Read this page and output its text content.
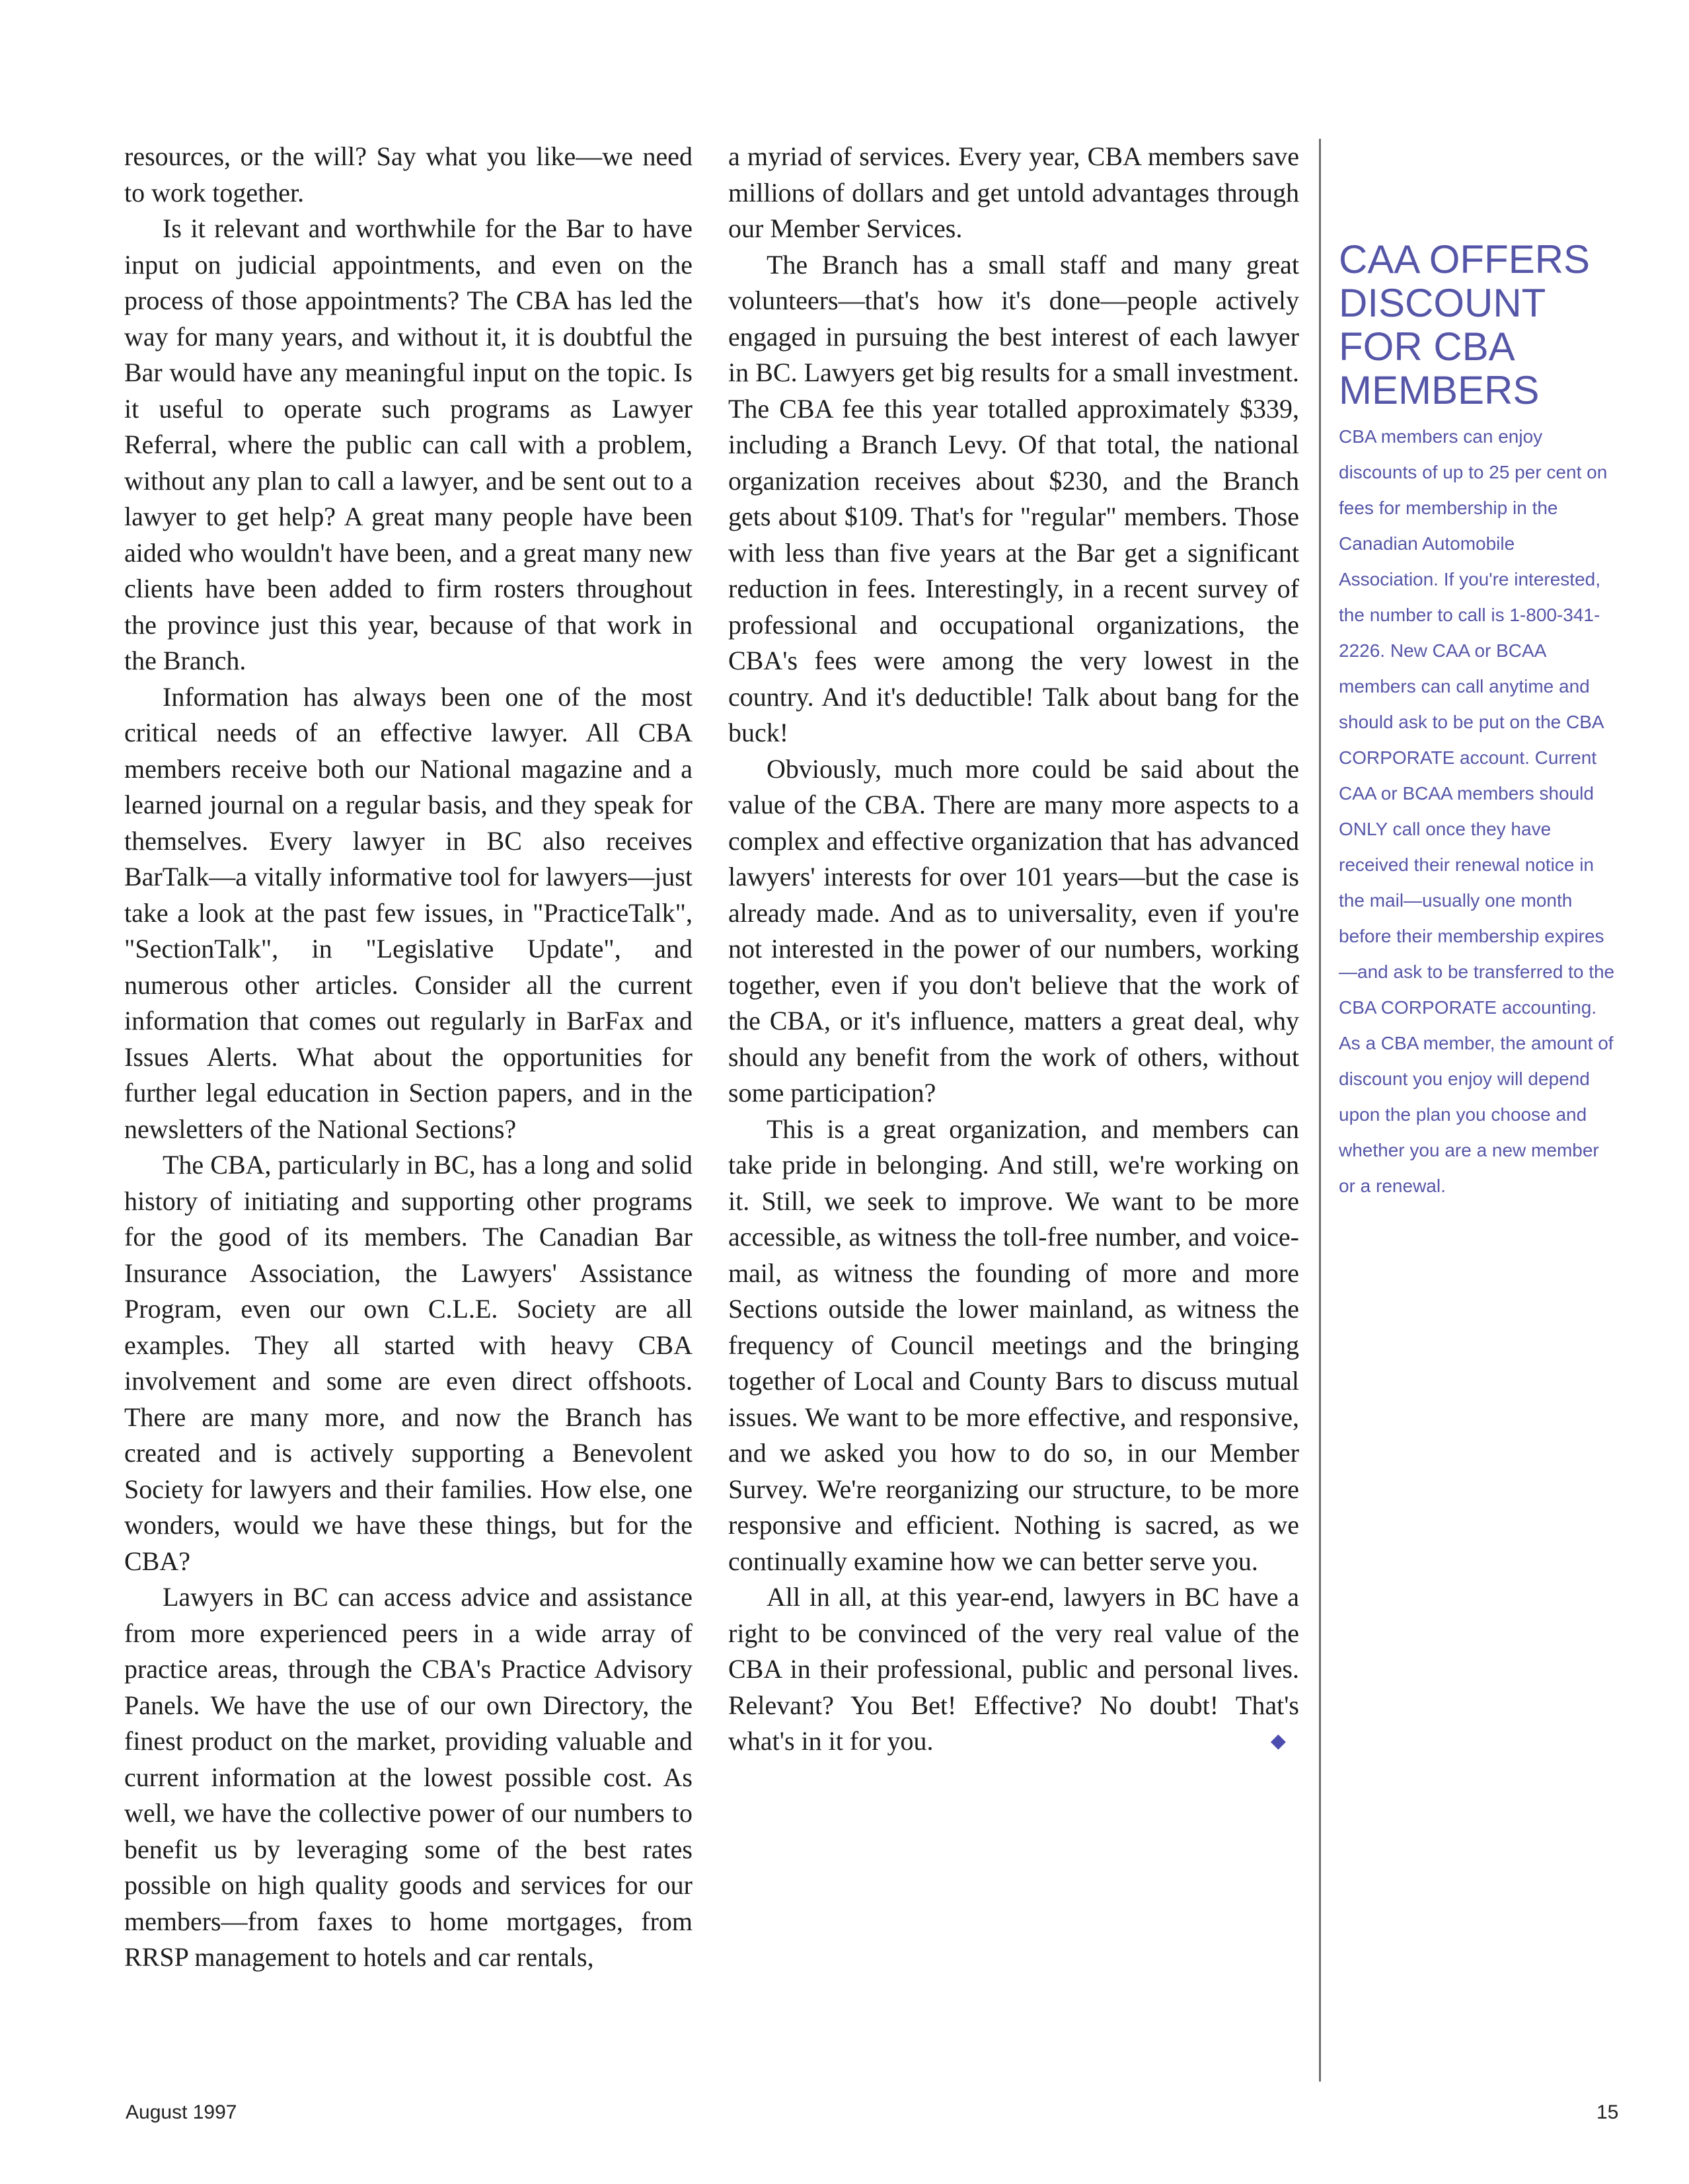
resources, or the will? Say what you like—we need to work together.

Is it relevant and worthwhile for the Bar to have input on judicial appointments, and even on the process of those appointments? The CBA has led the way for many years, and without it, it is doubtful the Bar would have any meaningful input on the topic. Is it useful to operate such programs as Lawyer Referral, where the public can call with a problem, without any plan to call a lawyer, and be sent out to a lawyer to get help? A great many people have been aided who wouldn't have been, and a great many new clients have been added to firm rosters throughout the province just this year, because of that work in the Branch.

Information has always been one of the most critical needs of an effective lawyer. All CBA members receive both our National magazine and a learned journal on a regular basis, and they speak for themselves. Every lawyer in BC also receives BarTalk—a vitally informative tool for lawyers—just take a look at the past few issues, in "PracticeTalk", "SectionTalk", in "Legislative Update", and numerous other articles. Consider all the current information that comes out regularly in BarFax and Issues Alerts. What about the opportunities for further legal education in Section papers, and in the newsletters of the National Sections?

The CBA, particularly in BC, has a long and solid history of initiating and supporting other programs for the good of its members. The Canadian Bar Insurance Association, the Lawyers' Assistance Program, even our own C.L.E. Society are all examples. They all started with heavy CBA involvement and some are even direct offshoots. There are many more, and now the Branch has created and is actively supporting a Benevolent Society for lawyers and their families. How else, one wonders, would we have these things, but for the CBA?

Lawyers in BC can access advice and assistance from more experienced peers in a wide array of practice areas, through the CBA's Practice Advisory Panels. We have the use of our own Directory, the finest product on the market, providing valuable and current information at the lowest possible cost. As well, we have the collective power of our numbers to benefit us by leveraging some of the best rates possible on high quality goods and services for our members—from faxes to home mortgages, from RRSP management to hotels and car rentals,

a myriad of services. Every year, CBA members save millions of dollars and get untold advantages through our Member Services.

The Branch has a small staff and many great volunteers—that's how it's done—people actively engaged in pursuing the best interest of each lawyer in BC. Lawyers get big results for a small investment. The CBA fee this year totalled approximately $339, including a Branch Levy. Of that total, the national organization receives about $230, and the Branch gets about $109. That's for "regular" members. Those with less than five years at the Bar get a significant reduction in fees. Interestingly, in a recent survey of professional and occupational organizations, the CBA's fees were among the very lowest in the country. And it's deductible! Talk about bang for the buck!

Obviously, much more could be said about the value of the CBA. There are many more aspects to a complex and effective organization that has advanced lawyers' interests for over 101 years—but the case is already made. And as to universality, even if you're not interested in the power of our numbers, working together, even if you don't believe that the work of the CBA, or it's influence, matters a great deal, why should any benefit from the work of others, without some participation?

This is a great organization, and members can take pride in belonging. And still, we're working on it. Still, we seek to improve. We want to be more accessible, as witness the toll-free number, and voice-mail, as witness the founding of more and more Sections outside the lower mainland, as witness the frequency of Council meetings and the bringing together of Local and County Bars to discuss mutual issues. We want to be more effective, and responsive, and we asked you how to do so, in our Member Survey. We're reorganizing our structure, to be more responsive and efficient. Nothing is sacred, as we continually examine how we can better serve you.

All in all, at this year-end, lawyers in BC have a right to be convinced of the very real value of the CBA in their professional, public and personal lives. Relevant? You Bet! Effective? No doubt! That's what's in it for you.	◆

CAA OFFERS DISCOUNT FOR CBA MEMBERS

CBA members can enjoy discounts of up to 25 per cent on fees for membership in the Canadian Automobile Association. If you're interested, the number to call is 1-800-341-2226. New CAA or BCAA members can call anytime and should ask to be put on the CBA CORPORATE account. Current CAA or BCAA members should ONLY call once they have received their renewal notice in the mail—usually one month before their membership expires—and ask to be transferred to the CBA CORPORATE accounting.

As a CBA member, the amount of discount you enjoy will depend upon the plan you choose and whether you are a new member or a renewal.

August 1997	15
